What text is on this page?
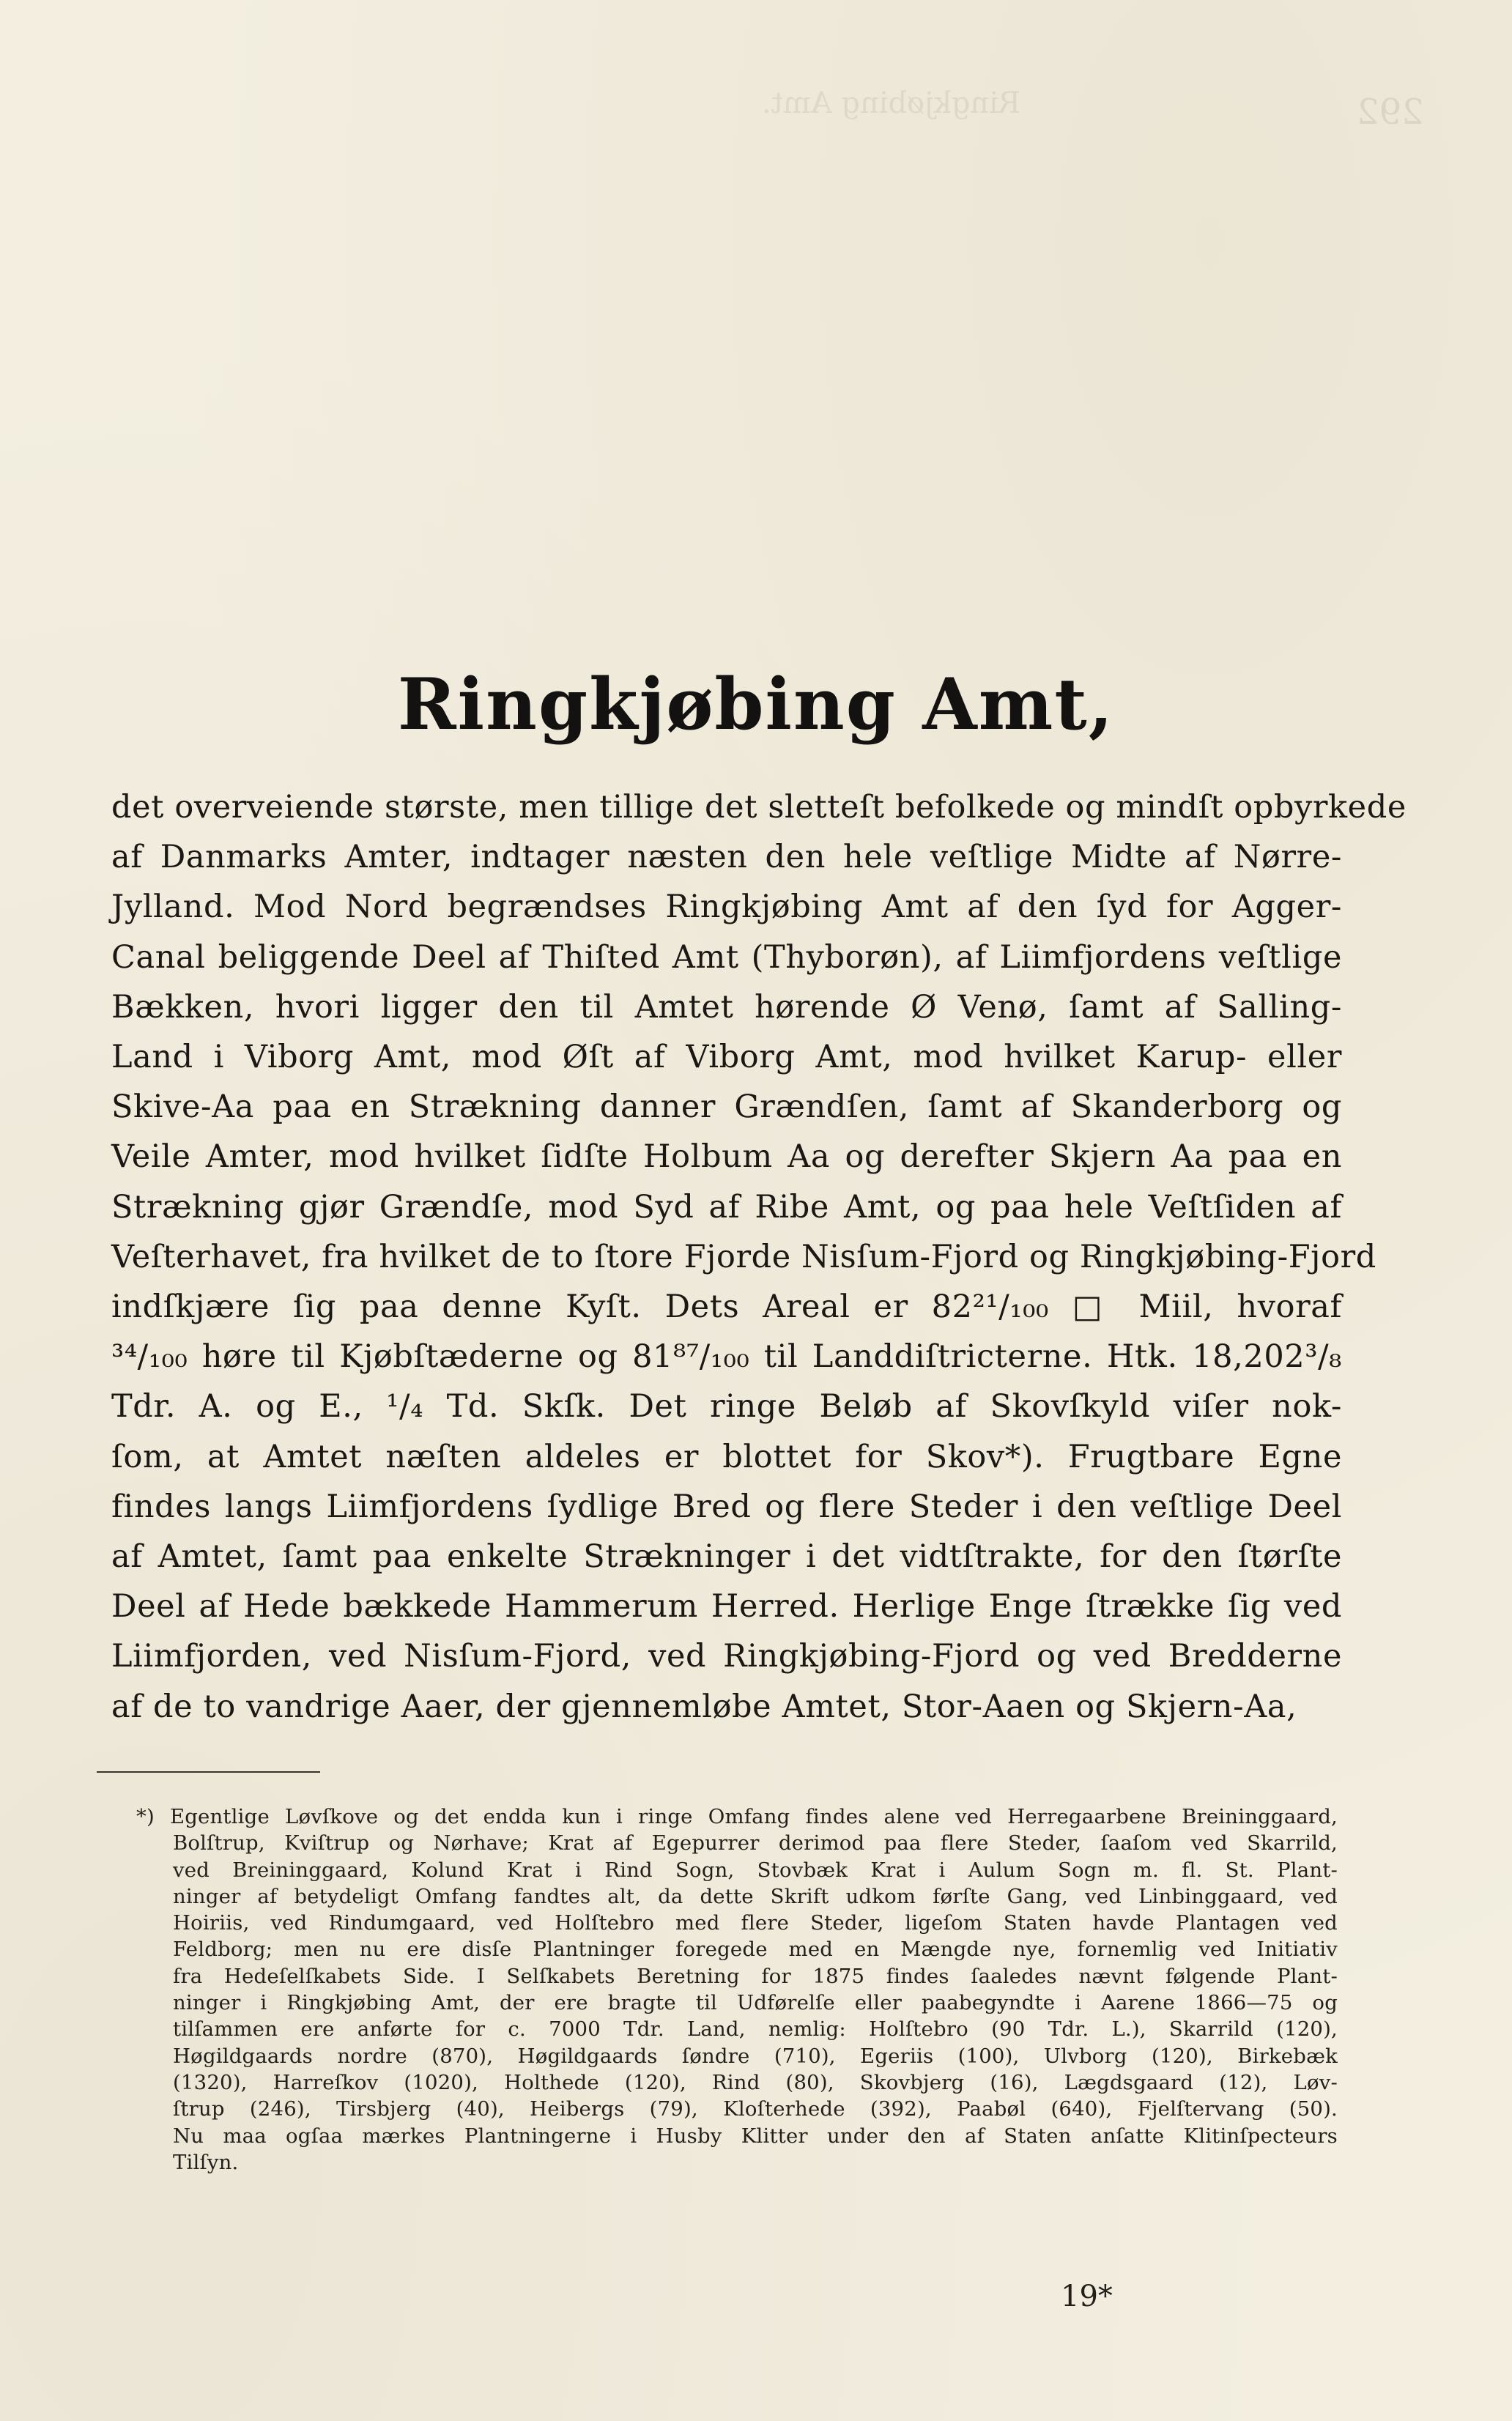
Ringkjøbing Amt.	292
Ringkjøbing Amt,
det overveiende største, men tillige det sletteſt befolkede og mindſt opbyrkede
af Danmarks Amter, indtager næsten den hele veſtlige Midte af Nørre-
Jylland. Mod Nord begrændses Ringkjøbing Amt af den ſyd for Agger-
Canal beliggende Deel af Thiſted Amt (Thyborøn), af Liimfjordens veſtlige
Bækken, hvori ligger den til Amtet hørende Ø Venø, ſamt af Salling-
Land i Viborg Amt, mod Øſt af Viborg Amt, mod hvilket Karup- eller
Skive-Aa paa en Strækning danner Grændſen, ſamt af Skanderborg og
Veile Amter, mod hvilket ſidſte Holbum Aa og derefter Skjern Aa paa en
Strækning gjør Grændſe, mod Syd af Ribe Amt, og paa hele Veſtſiden af
Veſterhavet, fra hvilket de to ſtore Fjorde Nisſum-Fjord og Ringkjøbing-Fjord
indſkjære ſig paa denne Kyſt. Dets Areal er 82²¹/₁₀₀ □ Miil, hvoraf
³⁴/₁₀₀ høre til Kjøbſtæderne og 81⁸⁷/₁₀₀ til Landdiſtricterne. Htk. 18,202³/₈
Tdr. A. og E., ¹/₄ Td. Skſk. Det ringe Beløb af Skovſkyld viſer nok-
ſom, at Amtet næſten aldeles er blottet for Skov*). Frugtbare Egne
findes langs Liimfjordens ſydlige Bred og flere Steder i den veſtlige Deel
af Amtet, ſamt paa enkelte Strækninger i det vidtſtrakte, for den ſtørſte
Deel af Hede bækkede Hammerum Herred. Herlige Enge ſtrække ſig ved
Liimfjorden, ved Nisſum-Fjord, ved Ringkjøbing-Fjord og ved Bredderne
af de to vandrige Aaer, der gjennemløbe Amtet, Stor-Aaen og Skjern-Aa,
*) Egentlige Løvſkove og det endda kun i ringe Omfang findes alene ved Herregaarbene Breininggaard,
Bolſtrup, Kviſtrup og Nørhave; Krat af Egepurrer derimod paa flere Steder, ſaaſom ved Skarrild,
ved Breininggaard, Kolund Krat i Rind Sogn, Stovbæk Krat i Aulum Sogn m. fl. St. Plant-
ninger af betydeligt Omfang fandtes alt, da dette Skrift udkom førſte Gang, ved Linbinggaard, ved
Hoiriis, ved Rindumgaard, ved Holſtebro med flere Steder, ligeſom Staten havde Plantagen ved
Feldborg; men nu ere disſe Plantninger foregede med en Mængde nye, fornemlig ved Initiativ
fra Hedeſelſkabets Side. I Selſkabets Beretning for 1875 findes ſaaledes nævnt følgende Plant-
ninger i Ringkjøbing Amt, der ere bragte til Udførelſe eller paabegyndte i Aarene 1866—75 og
tilſammen ere anførte for c. 7000 Tdr. Land, nemlig: Holſtebro (90 Tdr. L.), Skarrild (120),
Høgildgaards nordre (870), Høgildgaards ſøndre (710), Egeriis (100), Ulvborg (120), Birkebæk
(1320), Harreſkov (1020), Holthede (120), Rind (80), Skovbjerg (16), Lægdsgaard (12), Løv-
ſtrup (246), Tirsbjerg (40), Heibergs (79), Kloſterhede (392), Paabøl (640), Fjelſtervang (50).
Nu maa ogſaa mærkes Plantningerne i Husby Klitter under den af Staten anſatte Klitinſpecteurs
Tilſyn.
19*
